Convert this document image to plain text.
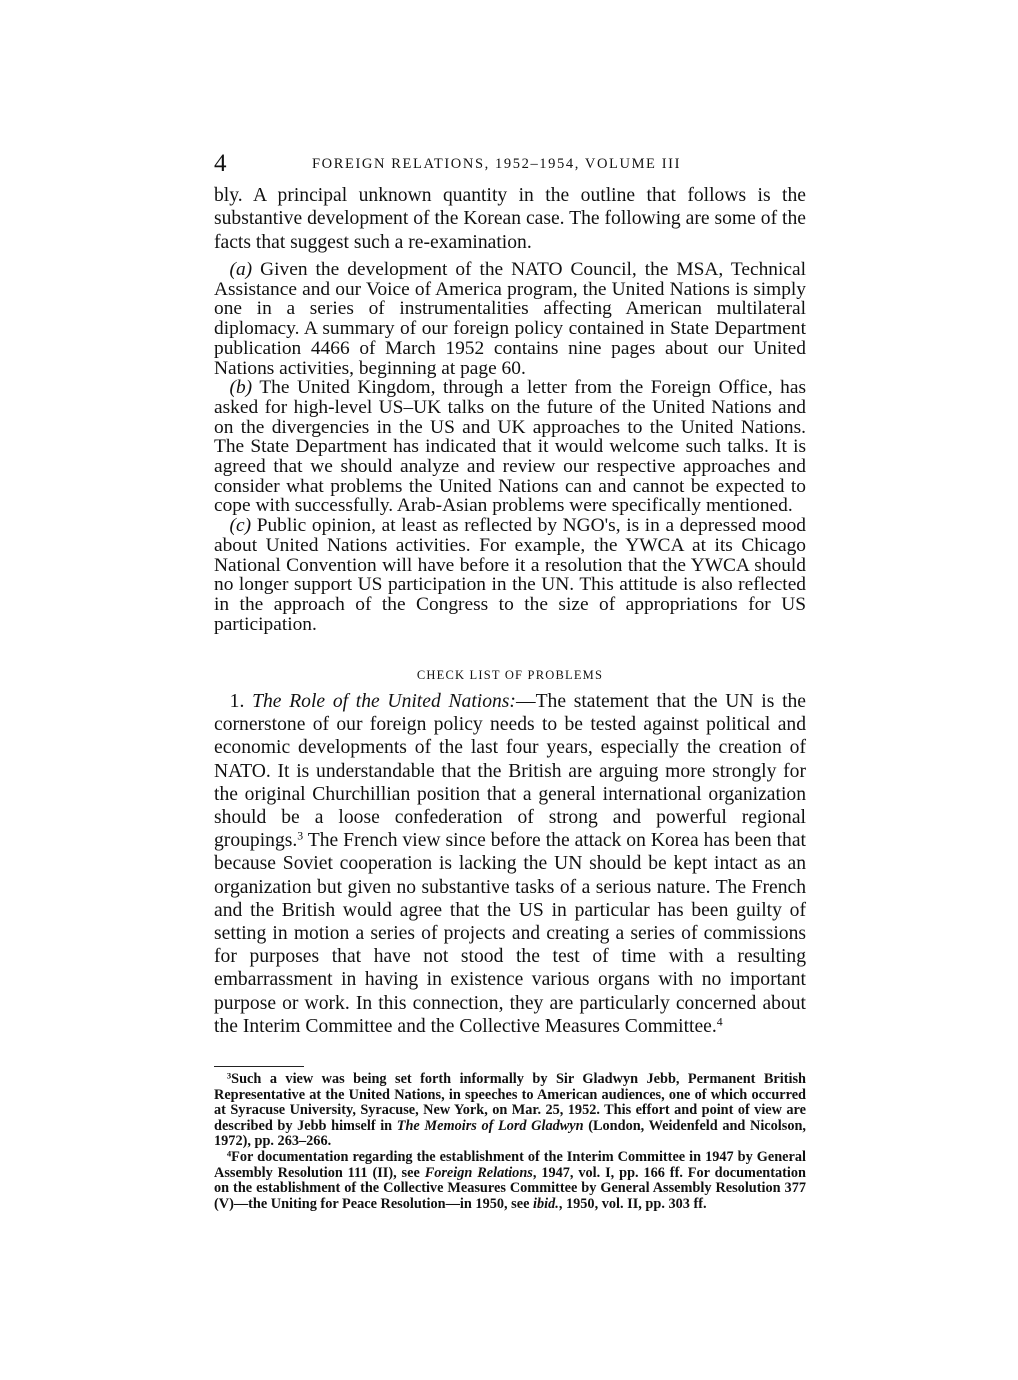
4	FOREIGN RELATIONS, 1952–1954, VOLUME III

bly. A principal unknown quantity in the outline that follows is the substantive development of the Korean case. The following are some of the facts that suggest such a re-examination.

(a) Given the development of the NATO Council, the MSA, Technical Assistance and our Voice of America program, the United Nations is simply one in a series of instrumentalities affecting American multilateral diplomacy. A summary of our foreign policy contained in State Department publication 4466 of March 1952 contains nine pages about our United Nations activities, beginning at page 60.

(b) The United Kingdom, through a letter from the Foreign Office, has asked for high-level US–UK talks on the future of the United Nations and on the divergencies in the US and UK approaches to the United Nations. The State Department has indicated that it would welcome such talks. It is agreed that we should analyze and review our respective approaches and consider what problems the United Nations can and cannot be expected to cope with successfully. Arab-Asian problems were specifically mentioned.

(c) Public opinion, at least as reflected by NGO's, is in a depressed mood about United Nations activities. For example, the YWCA at its Chicago National Convention will have before it a resolution that the YWCA should no longer support US participation in the UN. This attitude is also reflected in the approach of the Congress to the size of appropriations for US participation.

CHECK LIST OF PROBLEMS

1. The Role of the United Nations:—The statement that the UN is the cornerstone of our foreign policy needs to be tested against political and economic developments of the last four years, especially the creation of NATO. It is understandable that the British are arguing more strongly for the original Churchillian position that a general international organization should be a loose confederation of strong and powerful regional groupings.$^3$ The French view since before the attack on Korea has been that because Soviet cooperation is lacking the UN should be kept intact as an organization but given no substantive tasks of a serious nature. The French and the British would agree that the US in particular has been guilty of setting in motion a series of projects and creating a series of commissions for purposes that have not stood the test of time with a resulting embarrassment in having in existence various organs with no important purpose or work. In this connection, they are particularly concerned about the Interim Committee and the Collective Measures Committee.$^4$

$^3$Such a view was being set forth informally by Sir Gladwyn Jebb, Permanent British Representative at the United Nations, in speeches to American audiences, one of which occurred at Syracuse University, Syracuse, New York, on Mar. 25, 1952. This effort and point of view are described by Jebb himself in The Memoirs of Lord Gladwyn (London, Weidenfeld and Nicolson, 1972), pp. 263–266.

$^4$For documentation regarding the establishment of the Interim Committee in 1947 by General Assembly Resolution 111 (II), see Foreign Relations, 1947, vol. I, pp. 166 ff. For documentation on the establishment of the Collective Measures Committee by General Assembly Resolution 377 (V)—the Uniting for Peace Resolution—in 1950, see ibid., 1950, vol. II, pp. 303 ff.
